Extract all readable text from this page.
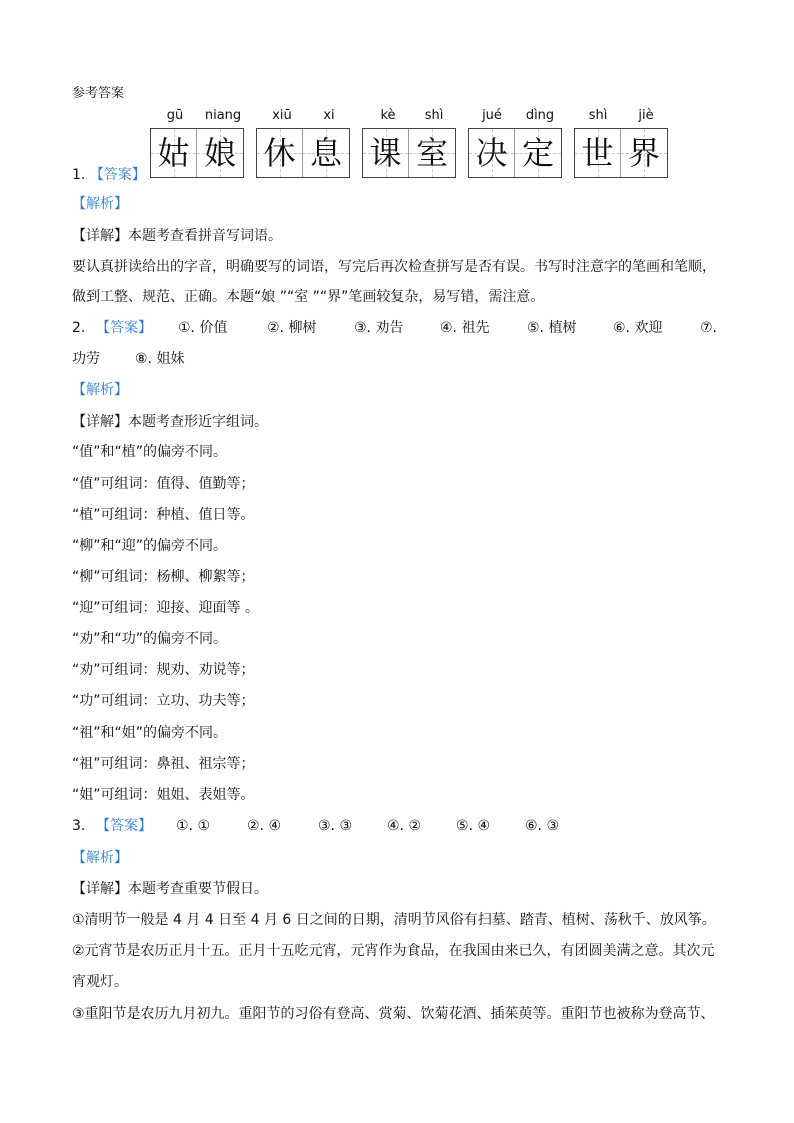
参考答案
1. 【答案】
gū	niang	xiū	xi	kè	shì	jué	dìng	shì	jiè
姑 娘 休 息 课 室 决 定 世 界
【解析】
【详解】本题考查看拼音写词语。
要认真拼读给出的字音，明确要写的词语，写完后再次检查拼写是否有误。书写时注意字的笔画和笔顺，
做到工整、规范、正确。本题“娘 ”“室 ”“界”笔画较复杂，易写错，需注意。
2. 【答案】 ①. 价值	②. 柳树	③. 劝告	④. 祖先	⑤. 植树	⑥. 欢迎	⑦.
功劳	⑧. 姐妹
【解析】
【详解】本题考查形近字组词。
“值”和“植”的偏旁不同。
“值”可组词：值得、值勤等；
“植”可组词：种植、值日等。
“柳”和“迎”的偏旁不同。
“柳”可组词：杨柳、柳絮等；
“迎”可组词：迎接、迎面等 。
“劝”和“功”的偏旁不同。
“劝”可组词：规劝、劝说等；
“功”可组词：立功、功夫等；
“祖”和“姐”的偏旁不同。
“祖”可组词：鼻祖、祖宗等；
“姐”可组词：姐姐、表姐等。
3. 【答案】 ①. ①	②. ④	③. ③ ④. ② ⑤. ④ ⑥. ③
【解析】
【详解】本题考查重要节假日。
①清明节一般是 4 月 4 日至 4 月 6 日之间的日期，清明节风俗有扫墓、踏青、植树、荡秋千、放风筝。
②元宵节是农历正月十五。正月十五吃元宵，元宵作为食品，在我国由来已久，有团圆美满之意。其次元
宵观灯。
③重阳节是农历九月初九。重阳节的习俗有登高、赏菊、饮菊花酒、插茱萸等。重阳节也被称为登高节、
